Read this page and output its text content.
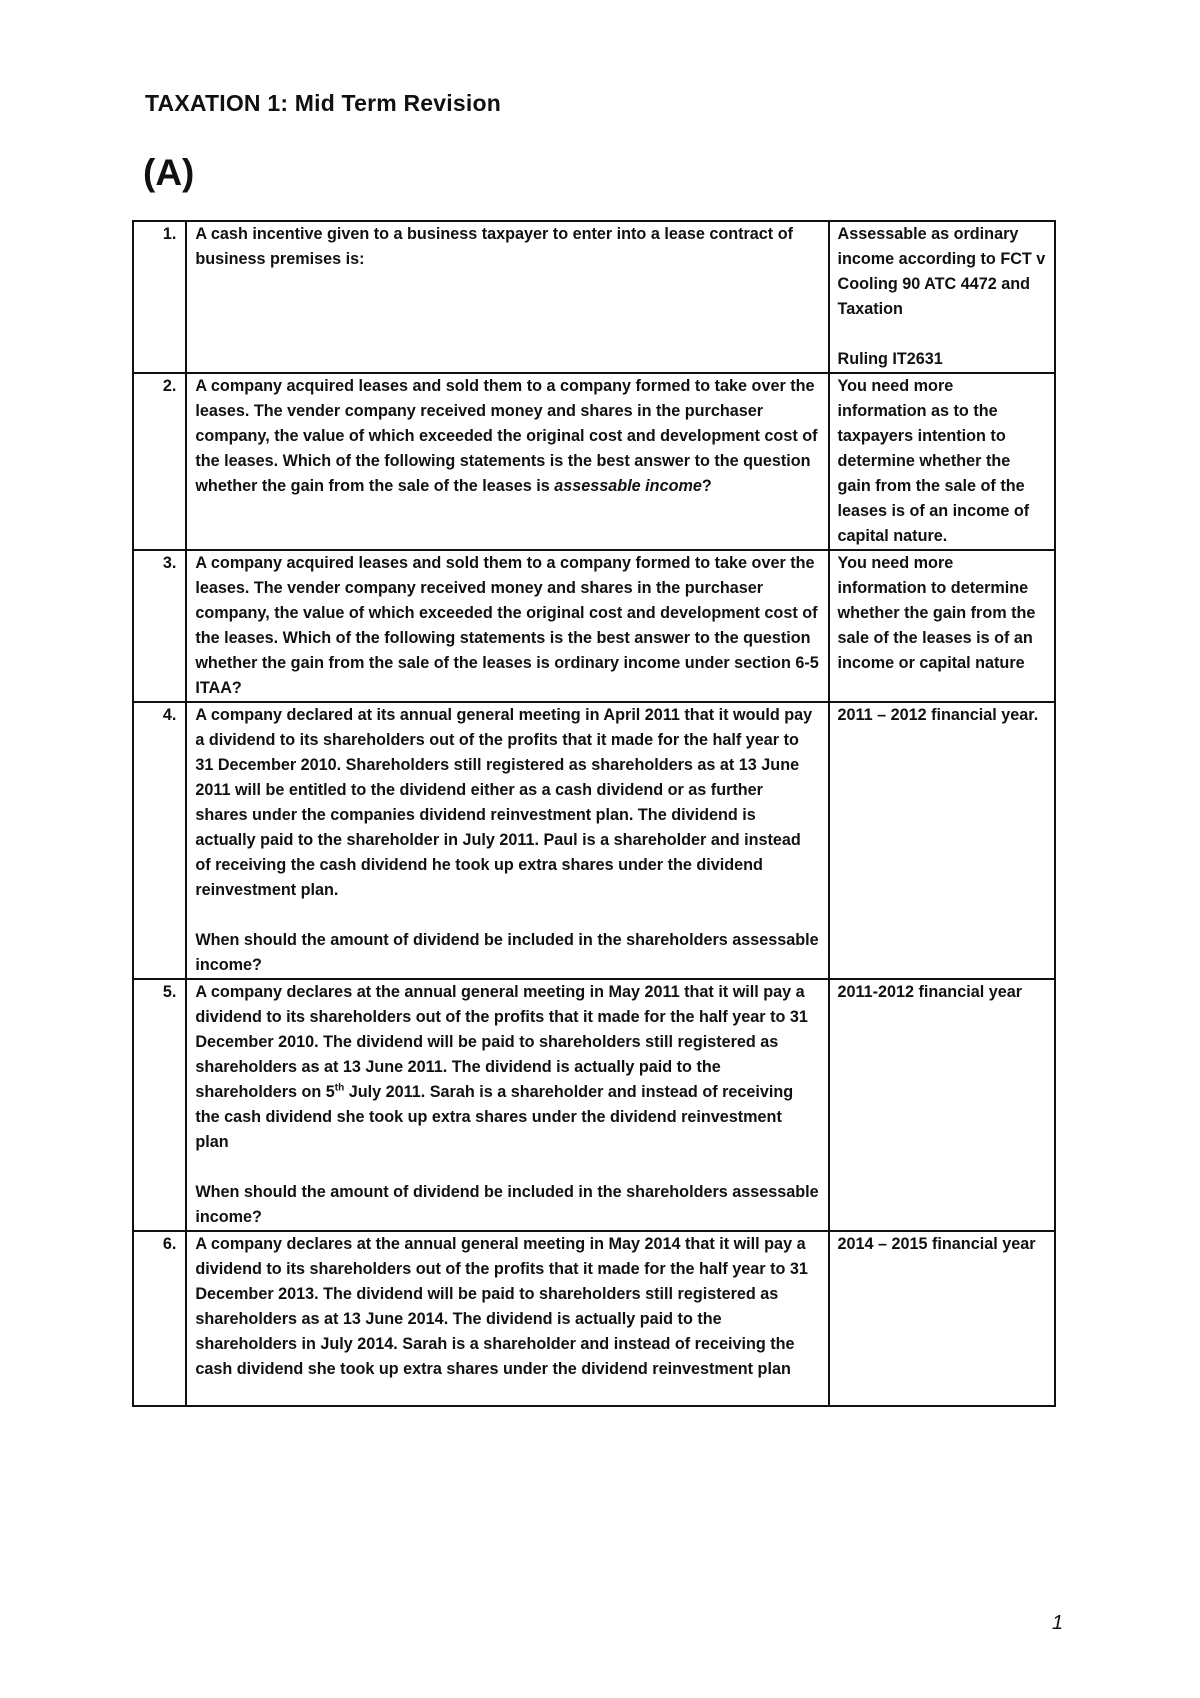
TAXATION 1: Mid Term Revision
(A)
1.	A cash incentive given to a business taxpayer to enter into a lease contract of business premises is:	Assessable as ordinary income according to FCT v Cooling 90 ATC 4472 and Taxation
Ruling IT2631

2.	A company acquired leases and sold them to a company formed to take over the leases. The vender company received money and shares in the purchaser company, the value of which exceeded the original cost and development cost of the leases. Which of the following statements is the best answer to the question whether the gain from the sale of the leases is assessable income?	You need more information as to the taxpayers intention to determine whether the gain from the sale of the leases is of an income of capital nature.

3.	A company acquired leases and sold them to a company formed to take over the leases. The vender company received money and shares in the purchaser company, the value of which exceeded the original cost and development cost of the leases. Which of the following statements is the best answer to the question whether the gain from the sale of the leases is ordinary income under section 6-5 ITAA?	You need more information to determine whether the gain from the sale of the leases is of an income or capital nature

4.	A company declared at its annual general meeting in April 2011 that it would pay a dividend to its shareholders out of the profits that it made for the half year to 31 December 2010. Shareholders still registered as shareholders as at 13 June 2011 will be entitled to the dividend either as a cash dividend or as further shares under the companies dividend reinvestment plan. The dividend is actually paid to the shareholder in July 2011. Paul is a shareholder and instead of receiving the cash dividend he took up extra shares under the dividend reinvestment plan.
When should the amount of dividend be included in the shareholders assessable income?	2011 – 2012 financial year.

5.	A company declares at the annual general meeting in May 2011 that it will pay a dividend to its shareholders out of the profits that it made for the half year to 31 December 2010. The dividend will be paid to shareholders still registered as shareholders as at 13 June 2011. The dividend is actually paid to the shareholders on 5th July 2011. Sarah is a shareholder and instead of receiving the cash dividend she took up extra shares under the dividend reinvestment plan
When should the amount of dividend be included in the shareholders assessable income?	2011-2012 financial year

6.	A company declares at the annual general meeting in May 2014 that it will pay a dividend to its shareholders out of the profits that it made for the half year to 31 December 2013. The dividend will be paid to shareholders still registered as shareholders as at 13 June 2014. The dividend is actually paid to the shareholders in July 2014. Sarah is a shareholder and instead of receiving the cash dividend she took up extra shares under the dividend reinvestment plan	2014 – 2015 financial year
1
